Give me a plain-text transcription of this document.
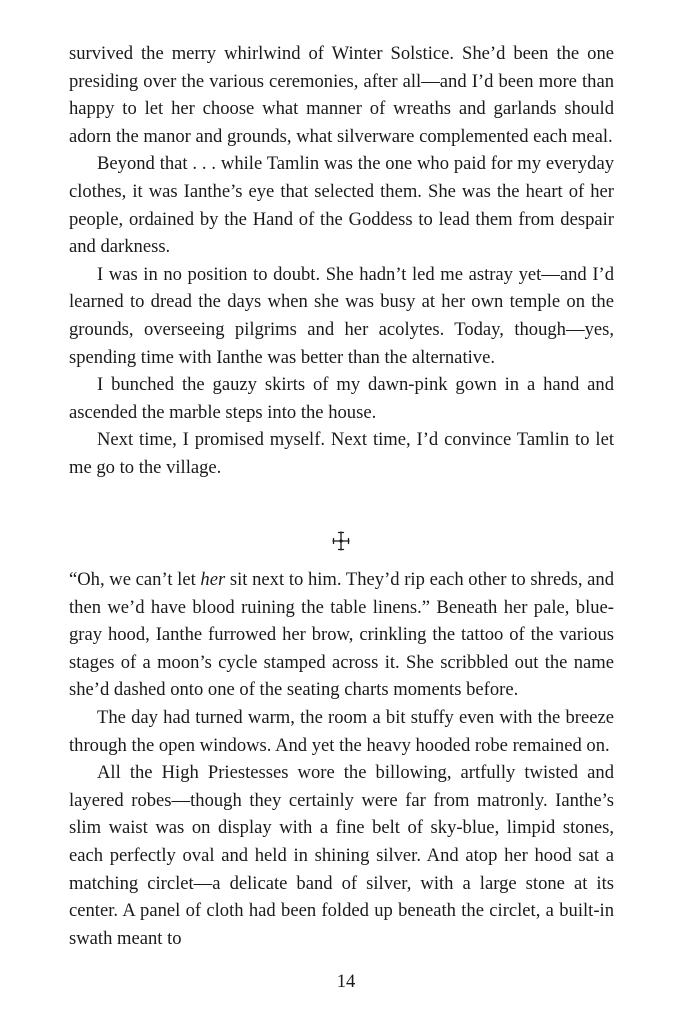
survived the merry whirlwind of Winter Solstice. She’d been the one presiding over the various ceremonies, after all—and I’d been more than happy to let her choose what manner of wreaths and garlands should adorn the manor and grounds, what silverware complemented each meal.

Beyond that . . . while Tamlin was the one who paid for my everyday clothes, it was Ianthe’s eye that selected them. She was the heart of her people, ordained by the Hand of the Goddess to lead them from despair and darkness.

I was in no position to doubt. She hadn’t led me astray yet—and I’d learned to dread the days when she was busy at her own temple on the grounds, overseeing pilgrims and her acolytes. Today, though—yes, spending time with Ianthe was better than the alternative.

I bunched the gauzy skirts of my dawn-pink gown in a hand and ascended the marble steps into the house.

Next time, I promised myself. Next time, I’d convince Tamlin to let me go to the village.

“Oh, we can’t let her sit next to him. They’d rip each other to shreds, and then we’d have blood ruining the table linens.” Beneath her pale, blue-gray hood, Ianthe furrowed her brow, crinkling the tattoo of the various stages of a moon’s cycle stamped across it. She scribbled out the name she’d dashed onto one of the seating charts moments before.

The day had turned warm, the room a bit stuffy even with the breeze through the open windows. And yet the heavy hooded robe remained on.

All the High Priestesses wore the billowing, artfully twisted and layered robes—though they certainly were far from matronly. Ianthe’s slim waist was on display with a fine belt of sky-blue, limpid stones, each perfectly oval and held in shining silver. And atop her hood sat a matching circlet—a delicate band of silver, with a large stone at its center. A panel of cloth had been folded up beneath the circlet, a built-in swath meant to

14
